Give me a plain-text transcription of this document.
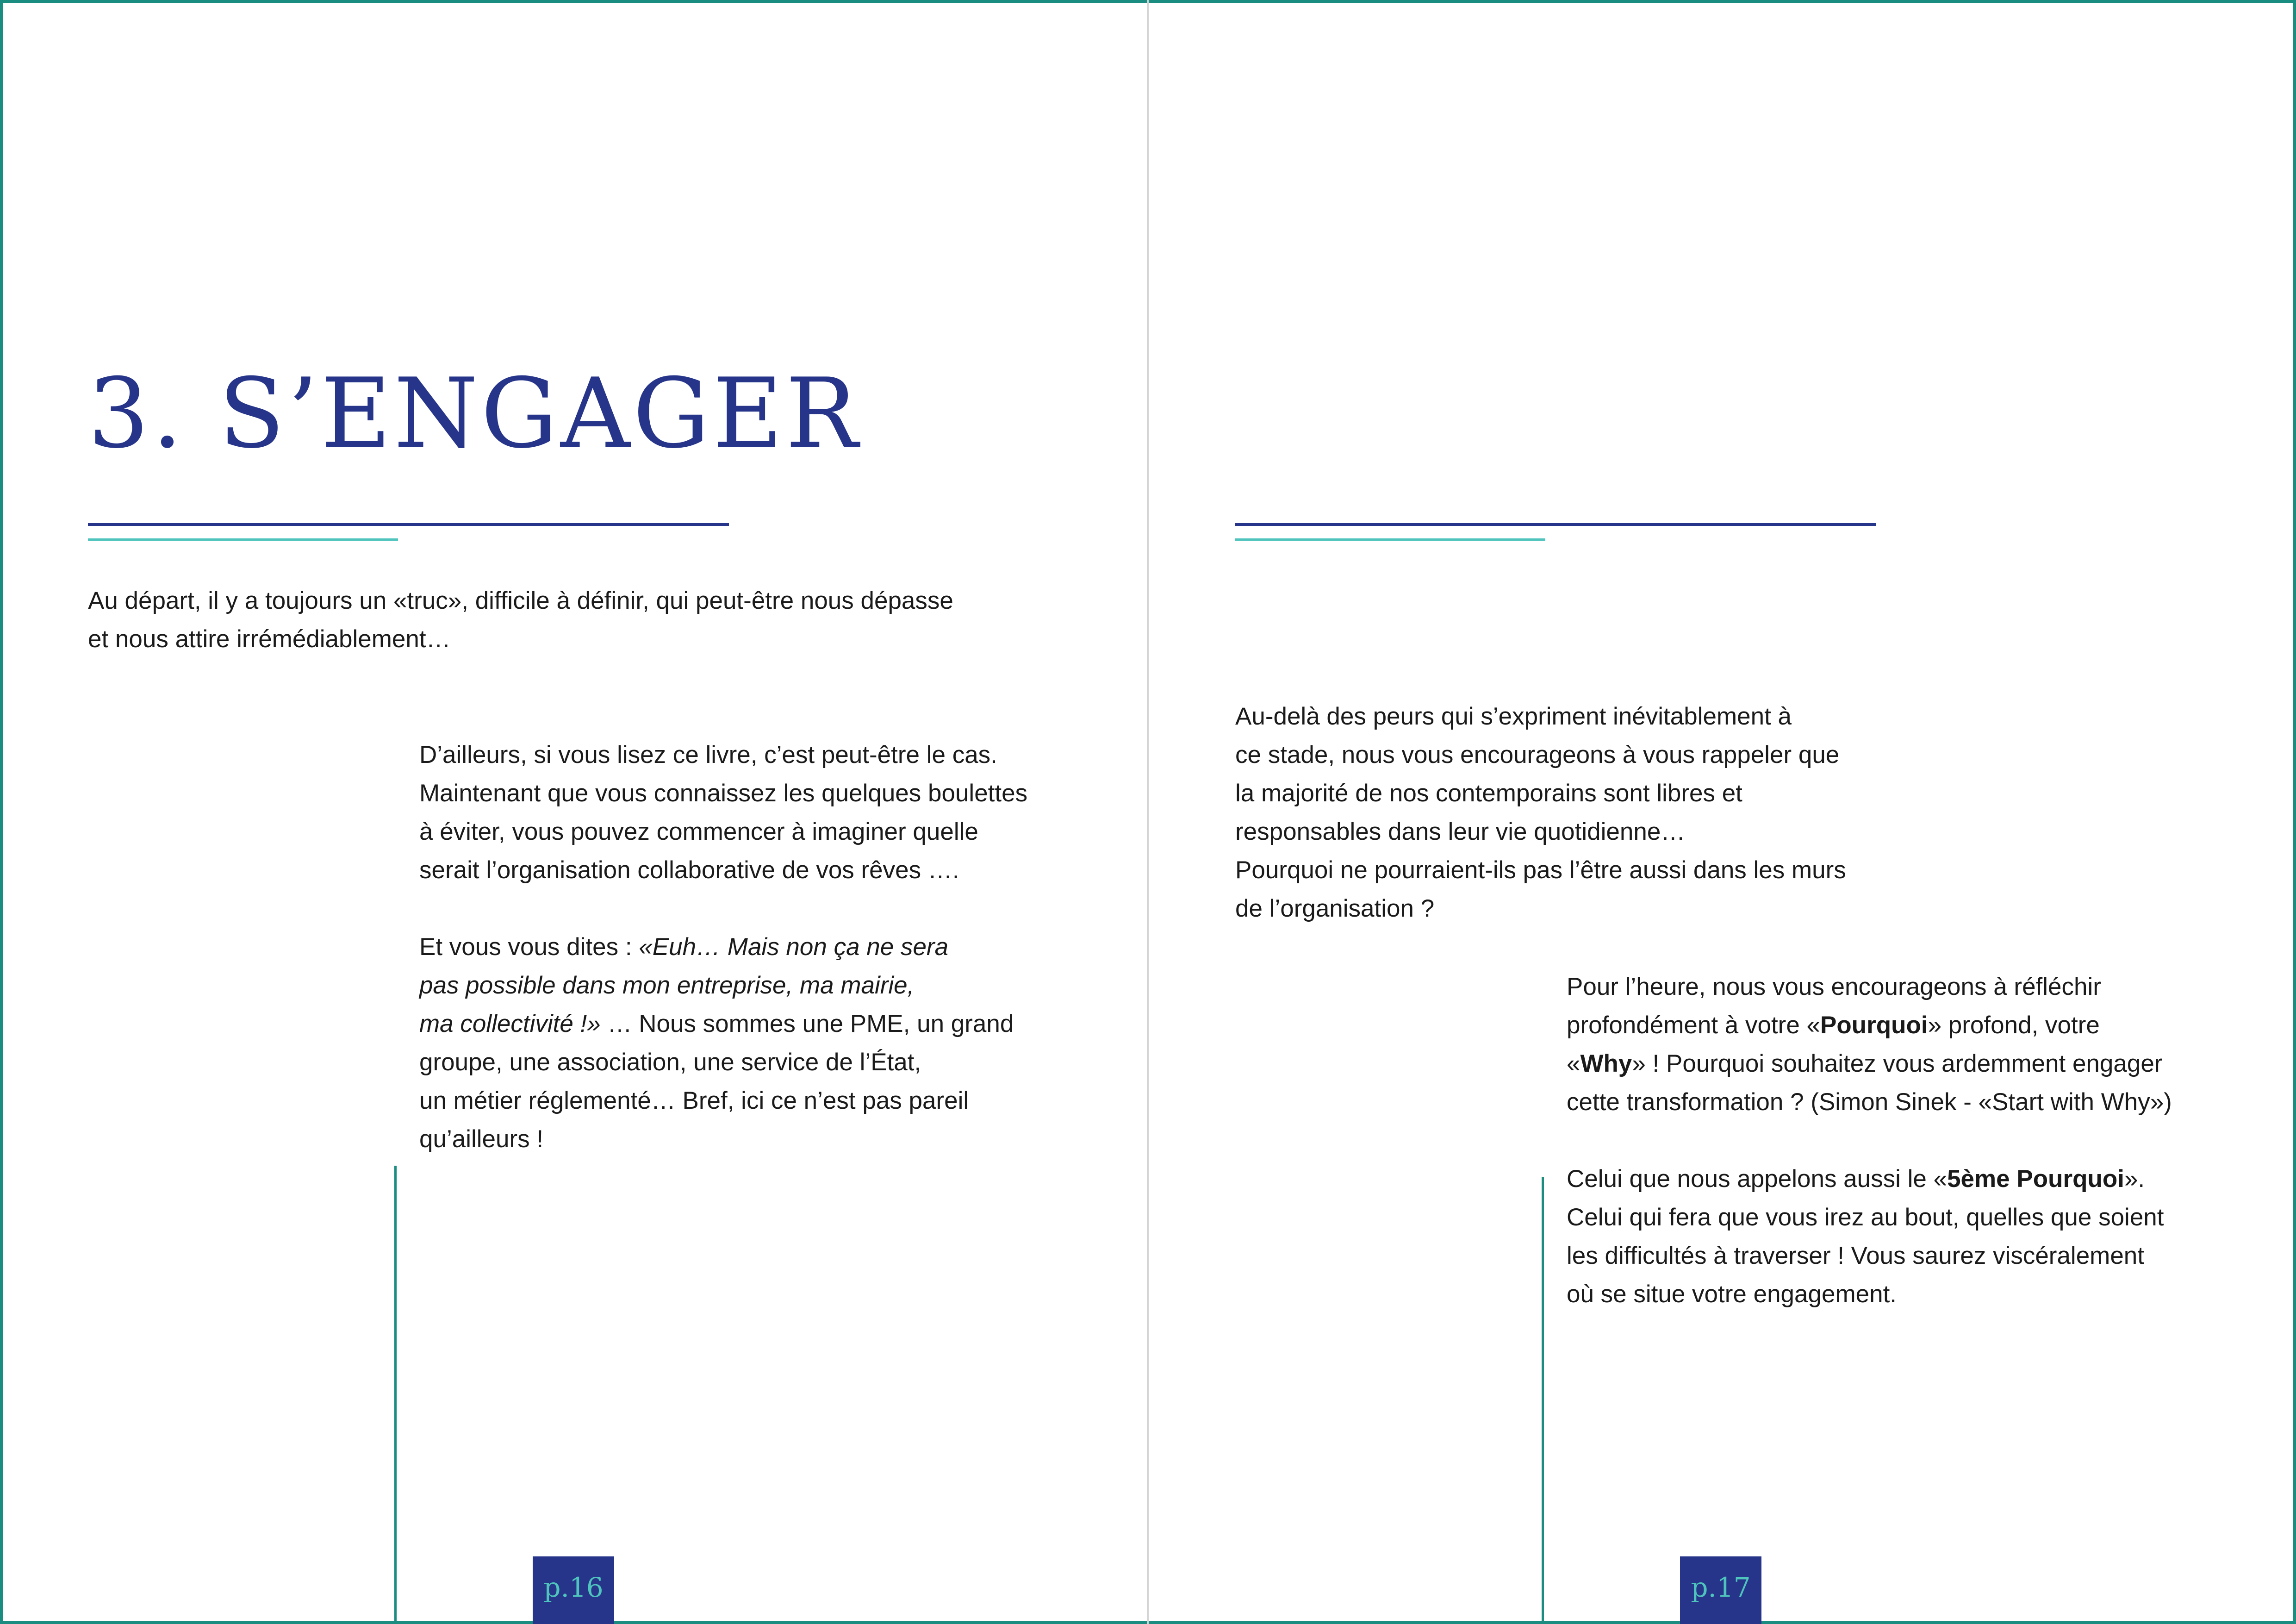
3. S’ENGAGER

Au départ, il y a toujours un «truc», difficile à définir, qui peut-être nous dépasse
et nous attire irrémédiablement…

D’ailleurs, si vous lisez ce livre, c’est peut-être le cas.
Maintenant que vous connaissez les quelques boulettes
à éviter, vous pouvez commencer à imaginer quelle
serait l’organisation collaborative de vos rêves ….
Et vous vous dites : «Euh… Mais non ça ne sera
pas possible dans mon entreprise, ma mairie,
ma collectivité !» … Nous sommes une PME, un grand
groupe, une association, une service de l’État,
un métier réglementé… Bref, ici ce n’est pas pareil
qu’ailleurs !
p.16
Au-delà des peurs qui s’expriment inévitablement à
ce stade, nous vous encourageons à vous rappeler que
la majorité de nos contemporains sont libres et
responsables dans leur vie quotidienne…
Pourquoi ne pourraient-ils pas l’être aussi dans les murs
de l’organisation ?
Pour l’heure, nous vous encourageons à réfléchir
profondément à votre «Pourquoi» profond, votre
«Why» ! Pourquoi souhaitez vous ardemment engager
cette transformation ? (Simon Sinek - «Start with Why»)
Celui que nous appelons aussi le «5ème Pourquoi».
Celui qui fera que vous irez au bout, quelles que soient
les difficultés à traverser ! Vous saurez viscéralement
où se situe votre engagement.
p.17
